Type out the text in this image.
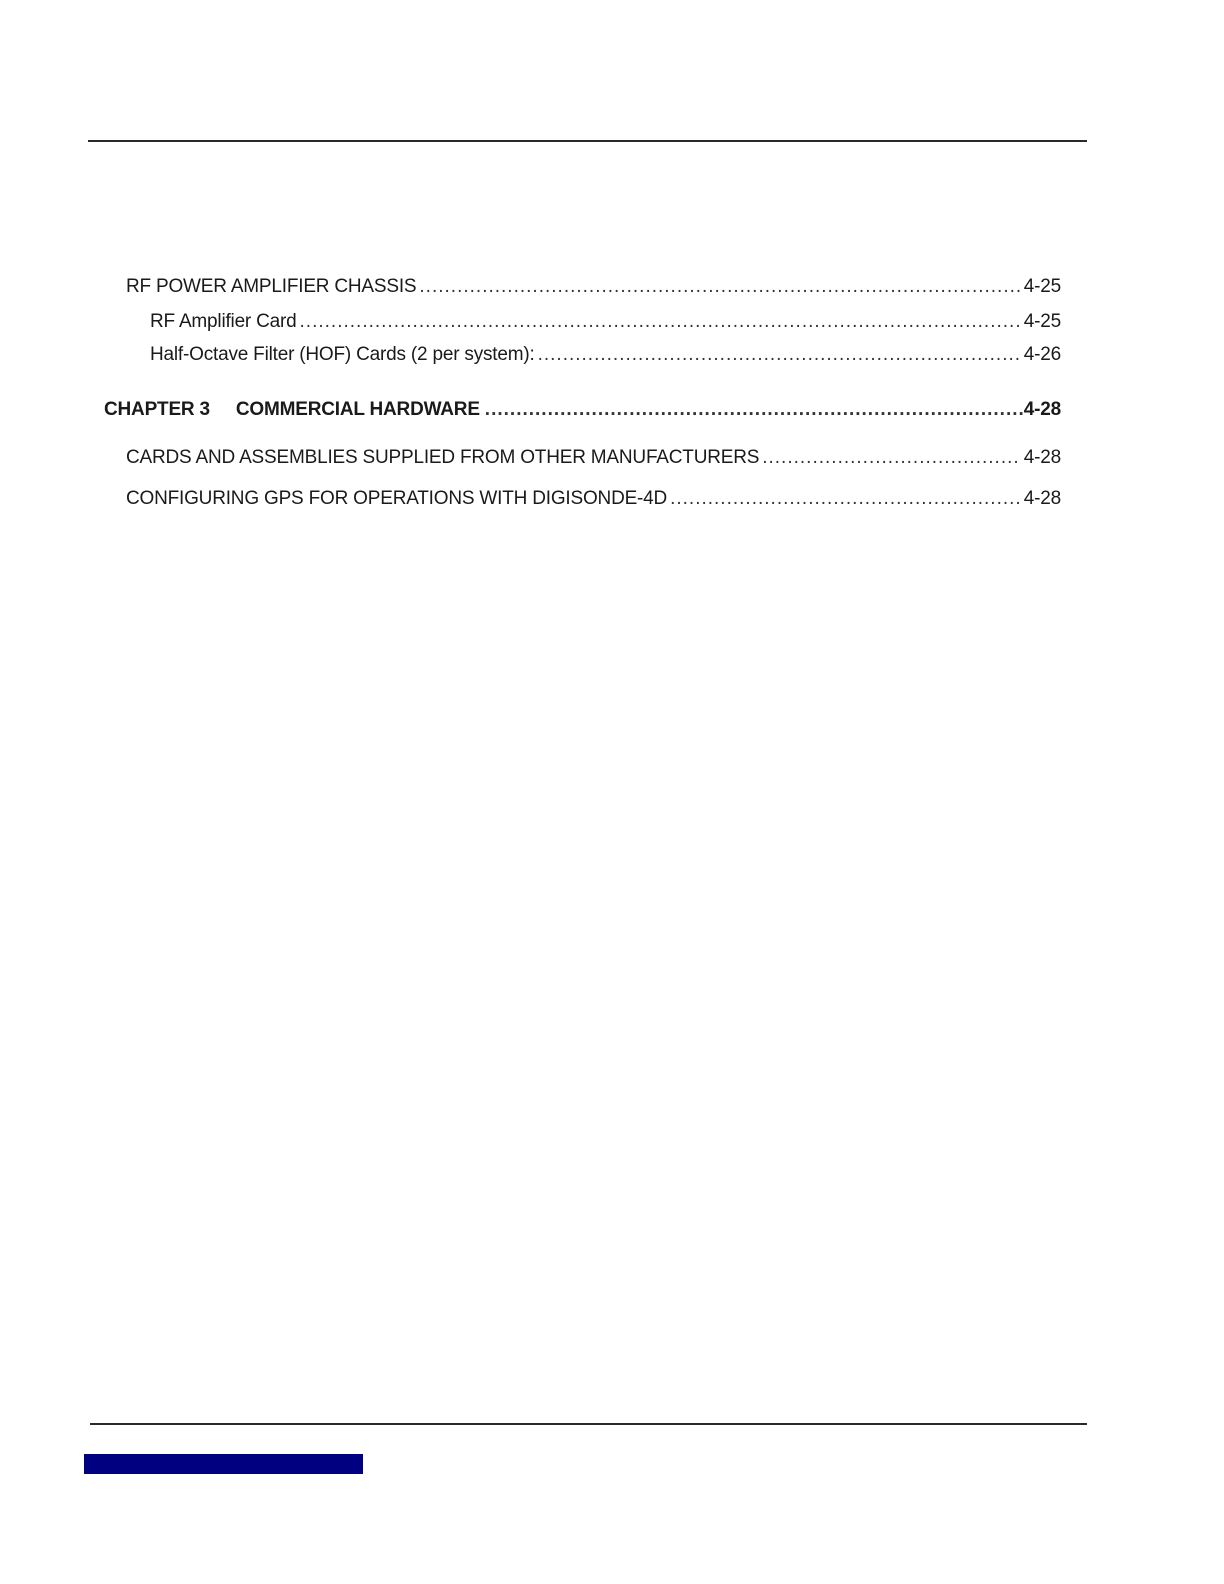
RF POWER AMPLIFIER CHASSIS .....	4-25
RF Amplifier Card .....	4-25
Half-Octave Filter (HOF) Cards (2 per system): .....	4-26
CHAPTER 3 COMMERCIAL HARDWARE .....	4-28
CARDS AND ASSEMBLIES SUPPLIED FROM OTHER MANUFACTURERS .....	4-28
CONFIGURING GPS FOR OPERATIONS WITH DIGISONDE-4D .....	4-28
